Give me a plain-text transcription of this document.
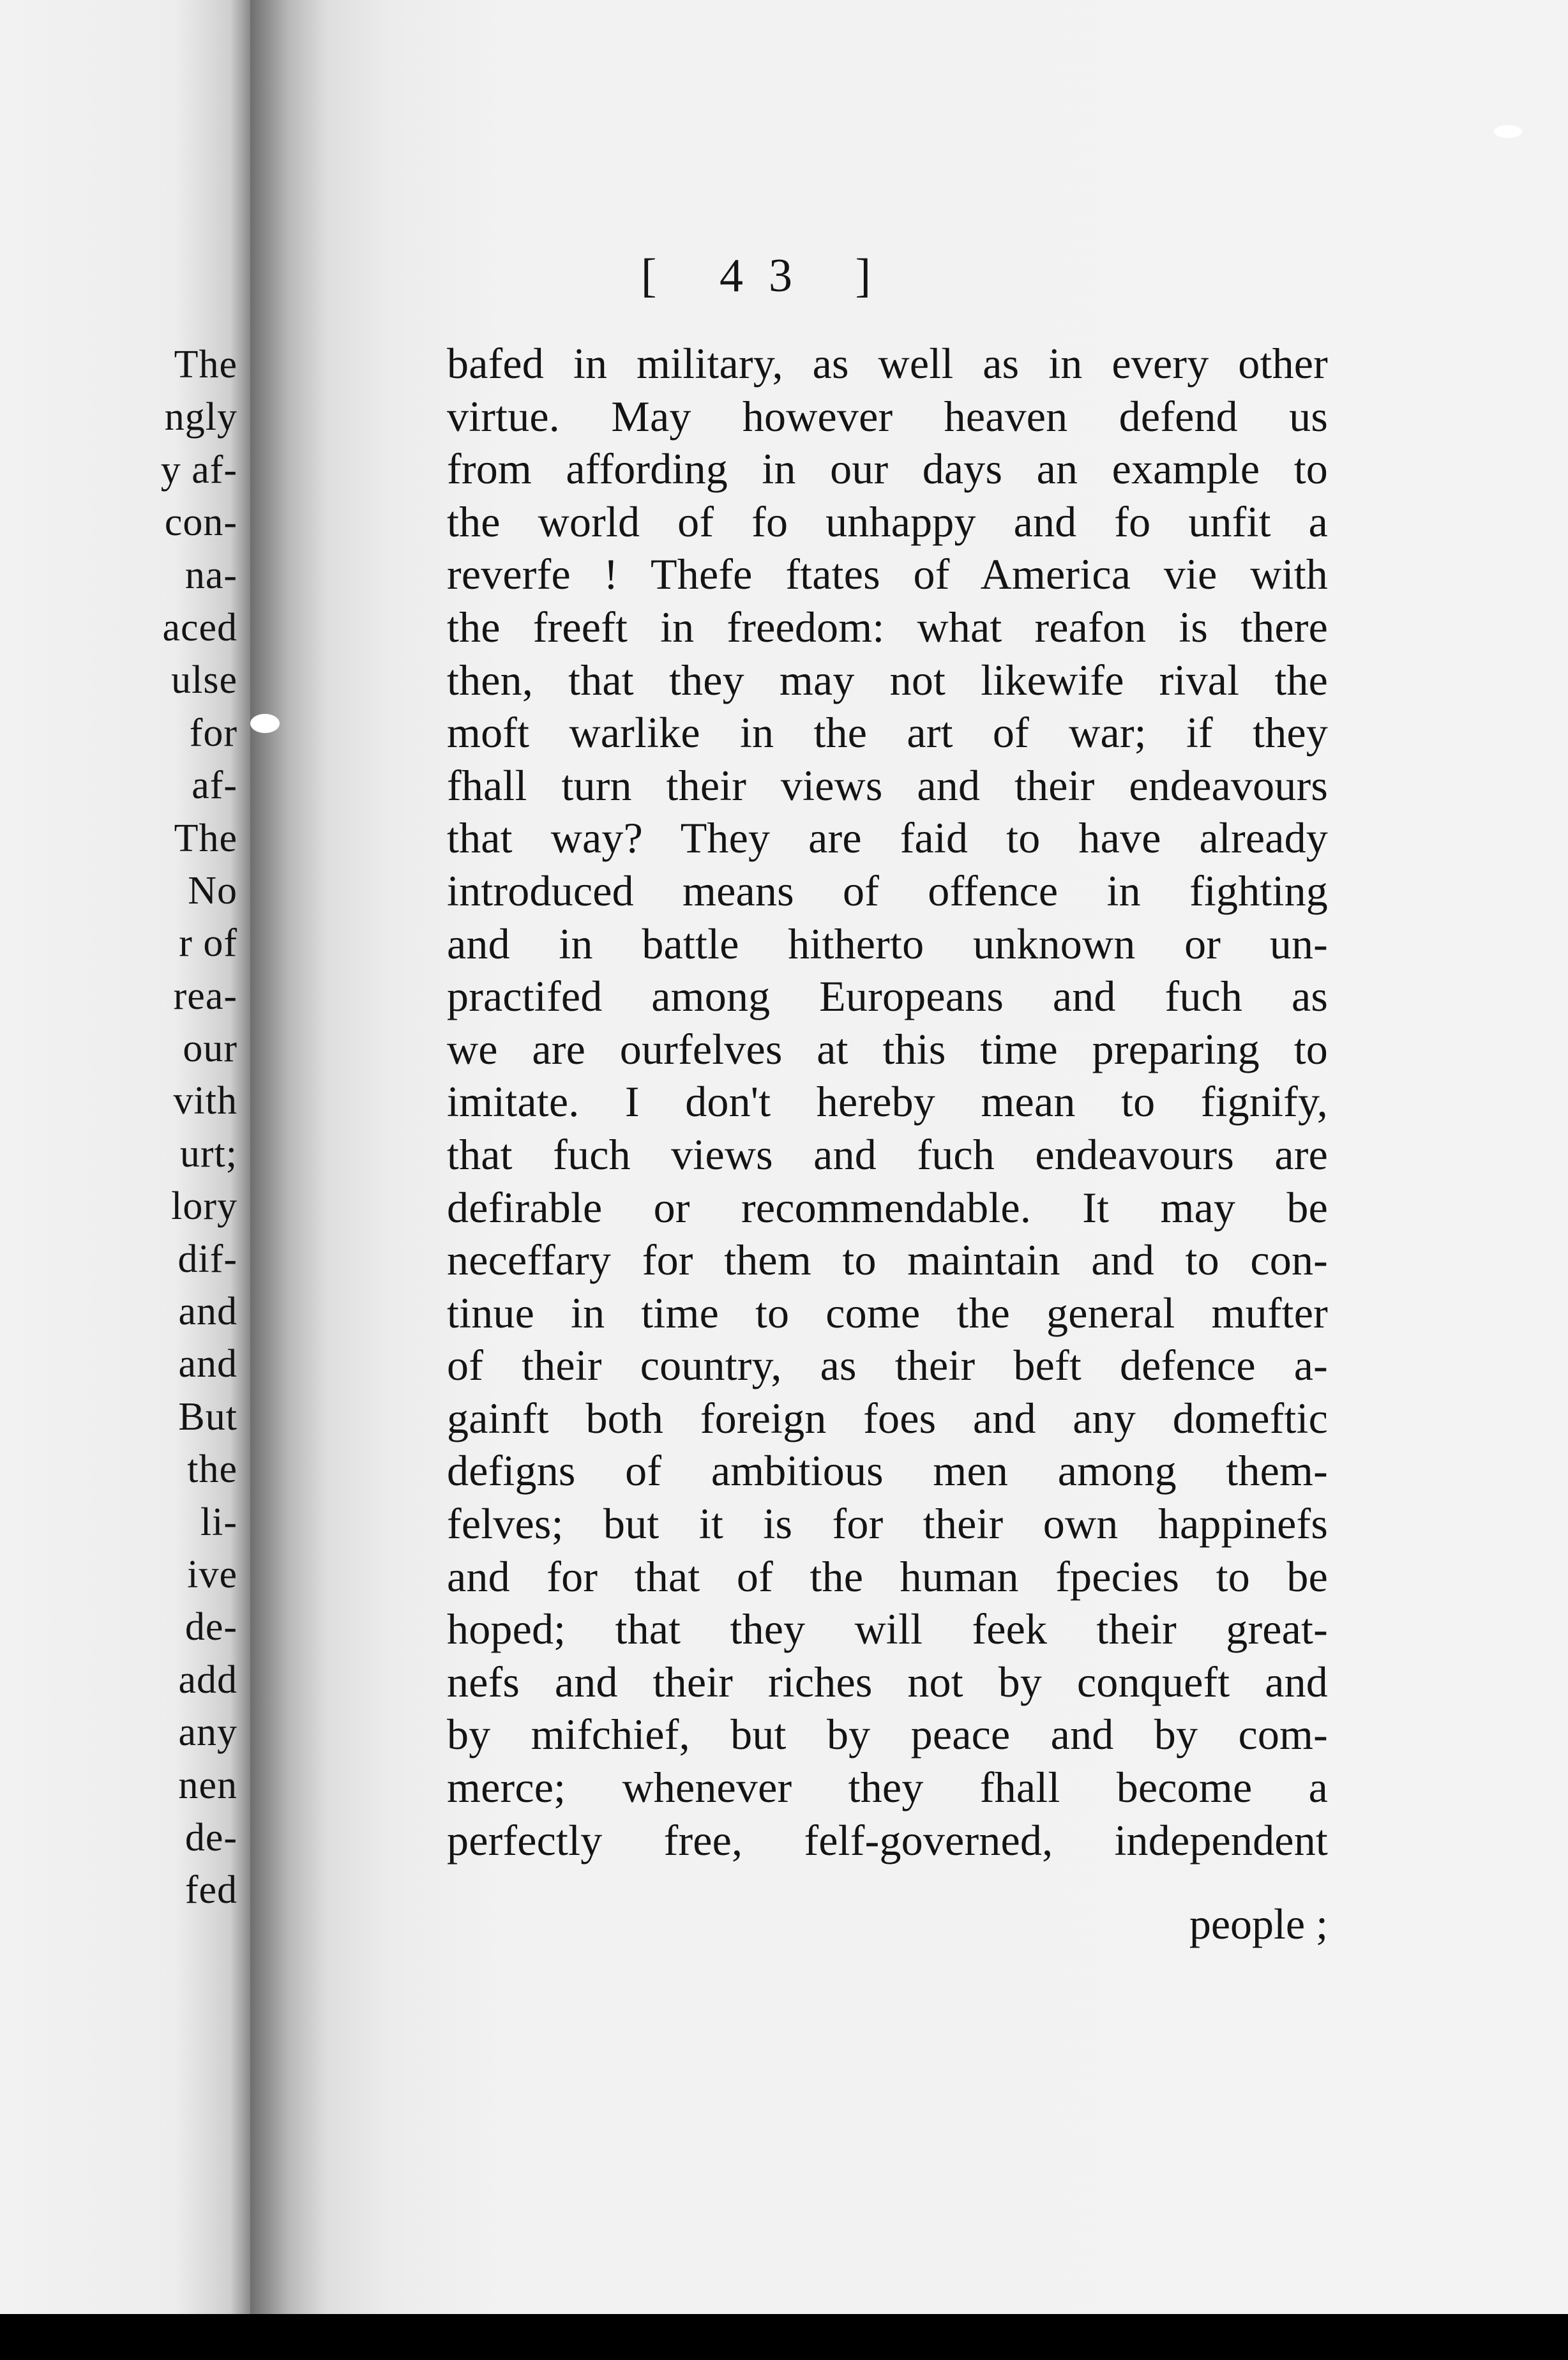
The
ngly
y af-
con-
na-
aced
ulse
for
af-
The
No
r of
rea-
our
vith
urt;
lory
dif-
and
and
But
the
li-
ive
de-
add
any
nen
de-
fed
[ 43 ]
bafed in military, as well as in every other
virtue. May however heaven defend us
from affording in our days an example to
the world of fo unhappy and fo unfit a
reverfe ! Thefe ftates of America vie with
the freeft in freedom: what reafon is there
then, that they may not likewife rival the
moft warlike in the art of war; if they
fhall turn their views and their endeavours
that way? They are faid to have already
introduced means of offence in fighting
and in battle hitherto unknown or un-
practifed among Europeans and fuch as
we are ourfelves at this time preparing to
imitate. I don't hereby mean to fignify,
that fuch views and fuch endeavours are
defirable or recommendable. It may be
neceffary for them to maintain and to con-
tinue in time to come the general mufter
of their country, as their beft defence a-
gainft both foreign foes and any domeftic
defigns of ambitious men among them-
felves; but it is for their own happinefs
and for that of the human fpecies to be
hoped; that they will feek their great-
nefs and their riches not by conqueft and
by mifchief, but by peace and by com-
merce; whenever they fhall become a
perfectly free, felf-governed, independent
people ;
